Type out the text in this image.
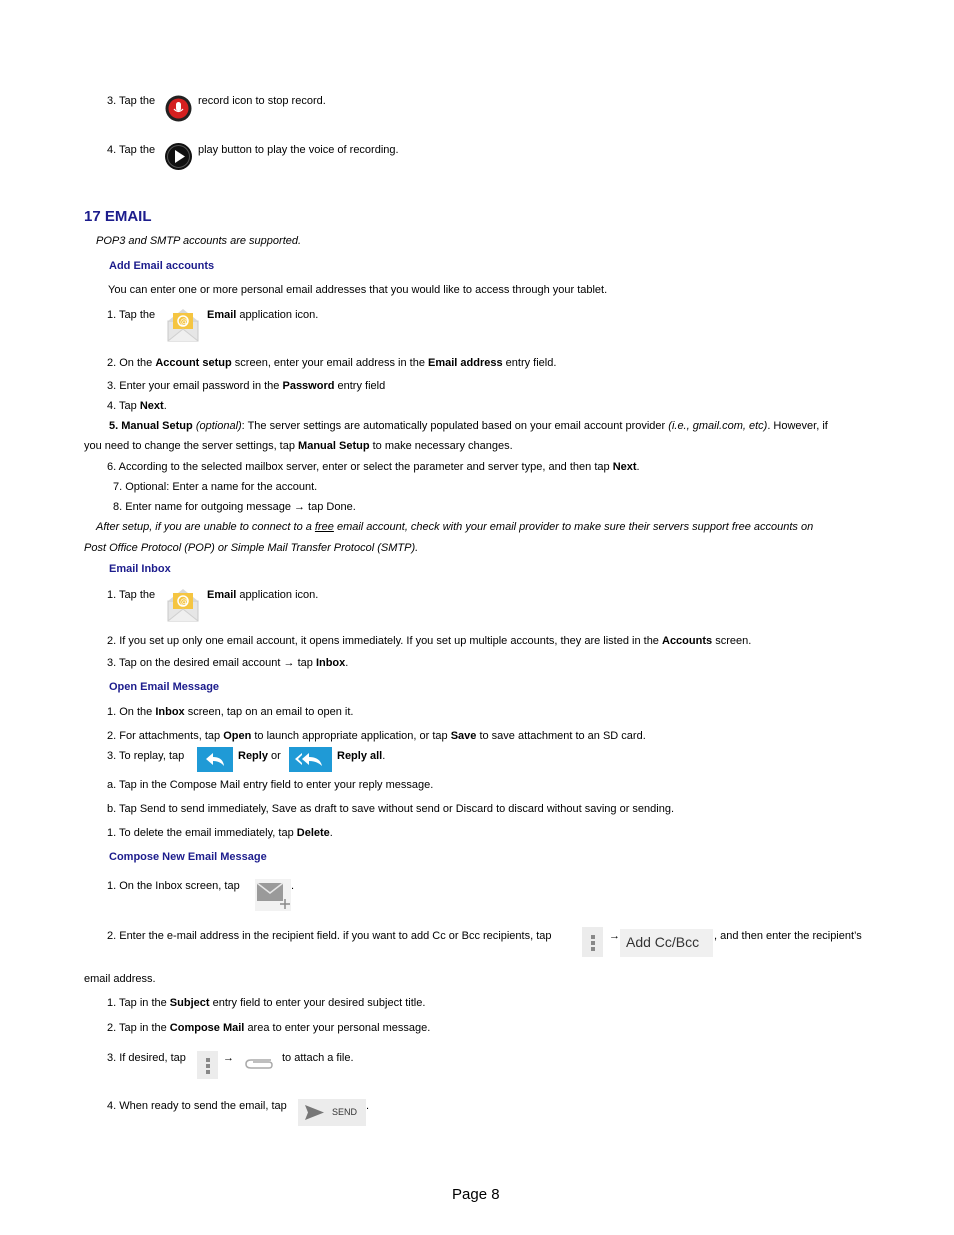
3. Tap the	record icon to stop record.
4. Tap the	play button to play the voice of recording.
17 EMAIL
POP3 and SMTP accounts are supported.
Add Email accounts
You can enter one or more personal email addresses that you would like to access through your tablet.
1. Tap the
@
Email application icon.
2. On the Account setup screen, enter your email address in the Email address entry field.
3. Enter your email password in the Password entry field
4. Tap Next.
5. Manual Setup (optional): The server settings are automatically populated based on your email account provider (i.e., gmail.com, etc). However, if
you need to change the server settings, tap Manual Setup to make necessary changes.
6. According to the selected mailbox server, enter or select the parameter and server type, and then tap Next.
7. Optional: Enter a name for the account.
8. Enter name for outgoing message → tap Done.
After setup, if you are unable to connect to a free email account, check with your email provider to make sure their servers support free accounts on
Post Office Protocol (POP) or Simple Mail Transfer Protocol (SMTP).
Email Inbox
1. Tap the
@
Email application icon.
2. If you set up only one email account, it opens immediately. If you set up multiple accounts, they are listed in the Accounts screen.
3. Tap on the desired email account → tap Inbox.
Open Email Message
1. On the Inbox screen, tap on an email to open it.
2. For attachments, tap Open to launch appropriate application, or tap Save to save attachment to an SD card.
3. To replay, tap	Reply or	Reply all.
a. Tap in the Compose Mail entry field to enter your reply message.
b. Tap Send to send immediately, Save as draft to save without send or Discard to discard without saving or sending.
1. To delete the email immediately, tap Delete.
Compose New Email Message
1. On the Inbox screen, tap	.
2. Enter the e-mail address in the recipient field. if you want to add Cc or Bcc recipients, tap	→ Add Cc/Bcc	, and then enter the recipient’s
email address.
1. Tap in the Subject entry field to enter your desired subject title.
2. Tap in the Compose Mail area to enter your personal message.
3. If desired, tap	→	to attach a file.
4. When ready to send the email, tap	SEND .
Page 8
